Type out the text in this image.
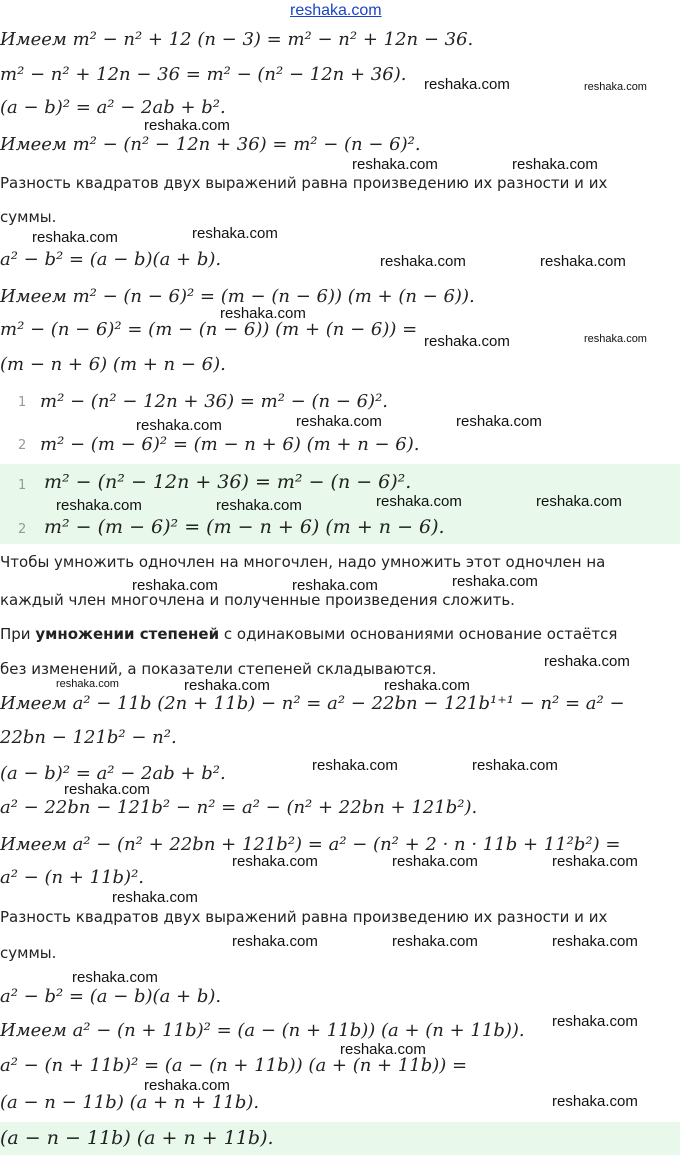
Имеем m² − n² + 12 (n − 3) = m² − n² + 12n − 36.
m² − n² + 12n − 36 = m² − (n² − 12n + 36).
(a − b)² = a² − 2ab + b².
Имеем m² − (n² − 12n + 36) = m² − (n − 6)².
Разность квадратов двух выражений равна произведению их разности и их
суммы.
a² − b² = (a − b)(a + b).
Имеем m² − (n − 6)² = (m − (n − 6)) (m + (n − 6)).
m² − (n − 6)² = (m − (n − 6)) (m + (n − 6)) =
(m − n + 6) (m + n − 6).
1 m² − (n² − 12n + 36) = m² − (n − 6)².
2 m² − (m − 6)² = (m − n + 6) (m + n − 6).
1 m² − (n² − 12n + 36) = m² − (n − 6)².
2 m² − (m − 6)² = (m − n + 6) (m + n − 6).
Чтобы умножить одночлен на многочлен, надо умножить этот одночлен на
каждый член многочлена и полученные произведения сложить.
При умножении степеней с одинаковыми основаниями основание остаётся
без изменений, а показатели степеней складываются.
Имеем a² − 11b (2n + 11b) − n² = a² − 22bn − 121b¹⁺¹ − n² = a² −
22bn − 121b² − n².
(a − b)² = a² − 2ab + b².
a² − 22bn − 121b² − n² = a² − (n² + 22bn + 121b²).
Имеем a² − (n² + 22bn + 121b²) = a² − (n² + 2 · n · 11b + 11²b²) =
a² − (n + 11b)².
Разность квадратов двух выражений равна произведению их разности и их
суммы.
a² − b² = (a − b)(a + b).
Имеем a² − (n + 11b)² = (a − (n + 11b)) (a + (n + 11b)).
a² − (n + 11b)² = (a − (n + 11b)) (a + (n + 11b)) =
(a − n − 11b) (a + n + 11b).
(a − n − 11b) (a + n + 11b).
reshaka.com
reshaka.com	reshaka.com
reshaka.com
reshaka.com	reshaka.com
reshaka.com	reshaka.com
reshaka.com	reshaka.com
reshaka.com
reshaka.com	reshaka.com
reshaka.com	reshaka.com
reshaka.com
reshaka.com	reshaka.com
reshaka.com	reshaka.com
reshaka.com	reshaka.com	reshaka.com
reshaka.com
reshaka.com	reshaka.com	reshaka.com
reshaka.com	reshaka.com
reshaka.com
reshaka.com	reshaka.com	reshaka.com
reshaka.com
reshaka.com	reshaka.com	reshaka.com
reshaka.com
reshaka.com
reshaka.com
reshaka.com
reshaka.com
